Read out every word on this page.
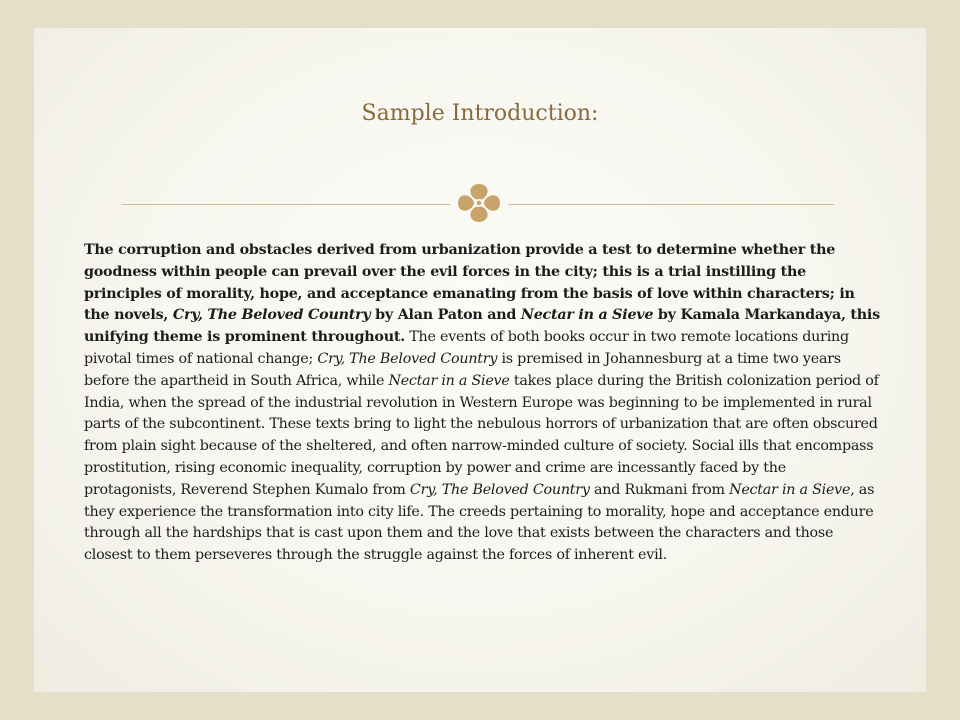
Sample Introduction:
The corruption and obstacles derived from urbanization provide a test to determine whether the goodness within people can prevail over the evil forces in the city; this is a trial instilling the principles of morality, hope, and acceptance emanating from the basis of love within characters; in the novels, Cry, The Beloved Country by Alan Paton and Nectar in a Sieve by Kamala Markandaya, this unifying theme is prominent throughout. The events of both books occur in two remote locations during pivotal times of national change; Cry, The Beloved Country is premised in Johannesburg at a time two years before the apartheid in South Africa, while Nectar in a Sieve takes place during the British colonization period of India, when the spread of the industrial revolution in Western Europe was beginning to be implemented in rural parts of the subcontinent. These texts bring to light the nebulous horrors of urbanization that are often obscured from plain sight because of the sheltered, and often narrow-minded culture of society. Social ills that encompass prostitution, rising economic inequality, corruption by power and crime are incessantly faced by the protagonists, Reverend Stephen Kumalo from Cry, The Beloved Country and Rukmani from Nectar in a Sieve, as they experience the transformation into city life. The creeds pertaining to morality, hope and acceptance endure through all the hardships that is cast upon them and the love that exists between the characters and those closest to them perseveres through the struggle against the forces of inherent evil.
